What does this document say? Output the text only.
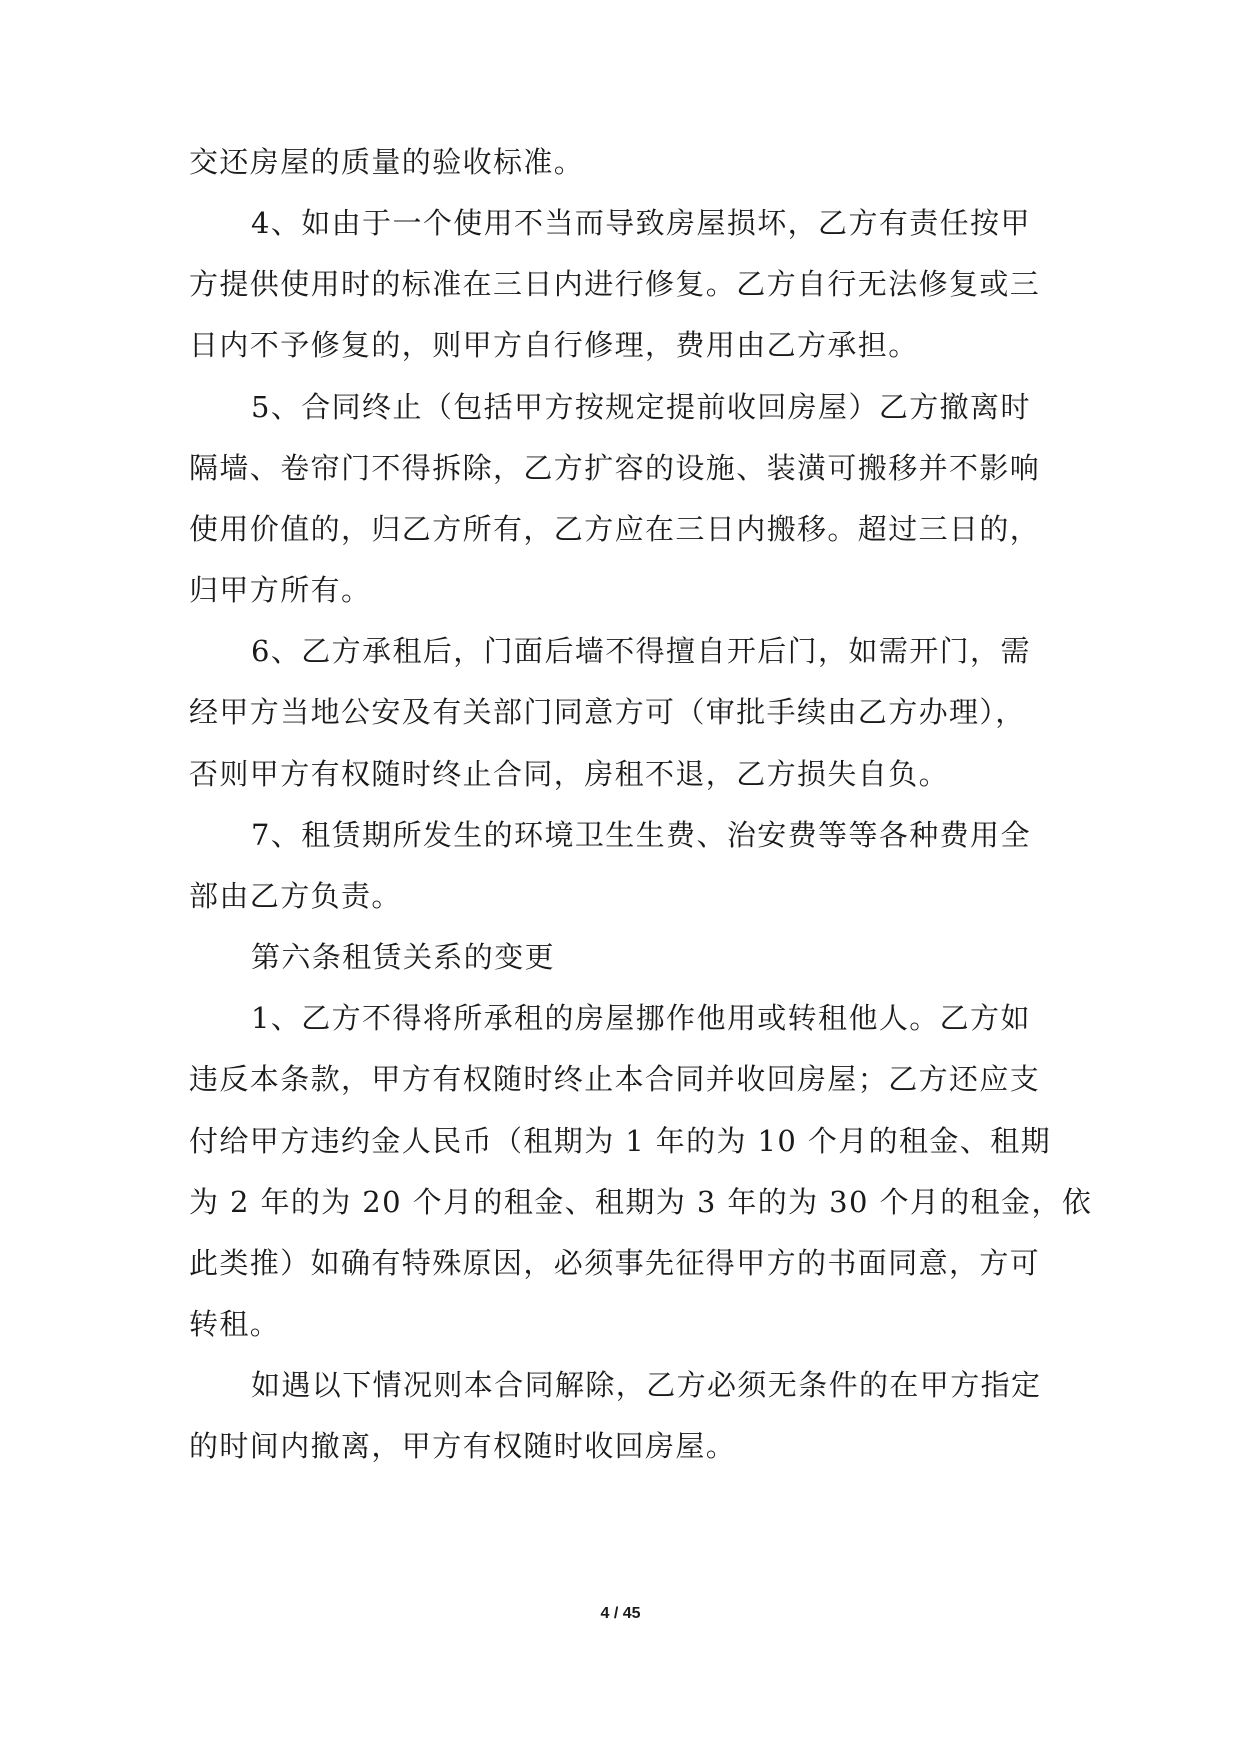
交还房屋的质量的验收标准。
4、如由于一个使用不当而导致房屋损坏，乙方有责任按甲
方提供使用时的标准在三日内进行修复。乙方自行无法修复或三
日内不予修复的，则甲方自行修理，费用由乙方承担。
5、合同终止（包括甲方按规定提前收回房屋）乙方撤离时
隔墙、卷帘门不得拆除，乙方扩容的设施、装潢可搬移并不影响
使用价值的，归乙方所有，乙方应在三日内搬移。超过三日的，
归甲方所有。
6、乙方承租后，门面后墙不得擅自开后门，如需开门，需
经甲方当地公安及有关部门同意方可（审批手续由乙方办理），
否则甲方有权随时终止合同，房租不退，乙方损失自负。
7、租赁期所发生的环境卫生生费、治安费等等各种费用全
部由乙方负责。
第六条租赁关系的变更
1、乙方不得将所承租的房屋挪作他用或转租他人。乙方如
违反本条款，甲方有权随时终止本合同并收回房屋；乙方还应支
付给甲方违约金人民币（租期为 1 年的为 10 个月的租金、租期
为 2 年的为 20 个月的租金、租期为 3 年的为 30 个月的租金，依
此类推）如确有特殊原因，必须事先征得甲方的书面同意，方可
转租。
如遇以下情况则本合同解除，乙方必须无条件的在甲方指定
的时间内撤离，甲方有权随时收回房屋。
4 / 45
